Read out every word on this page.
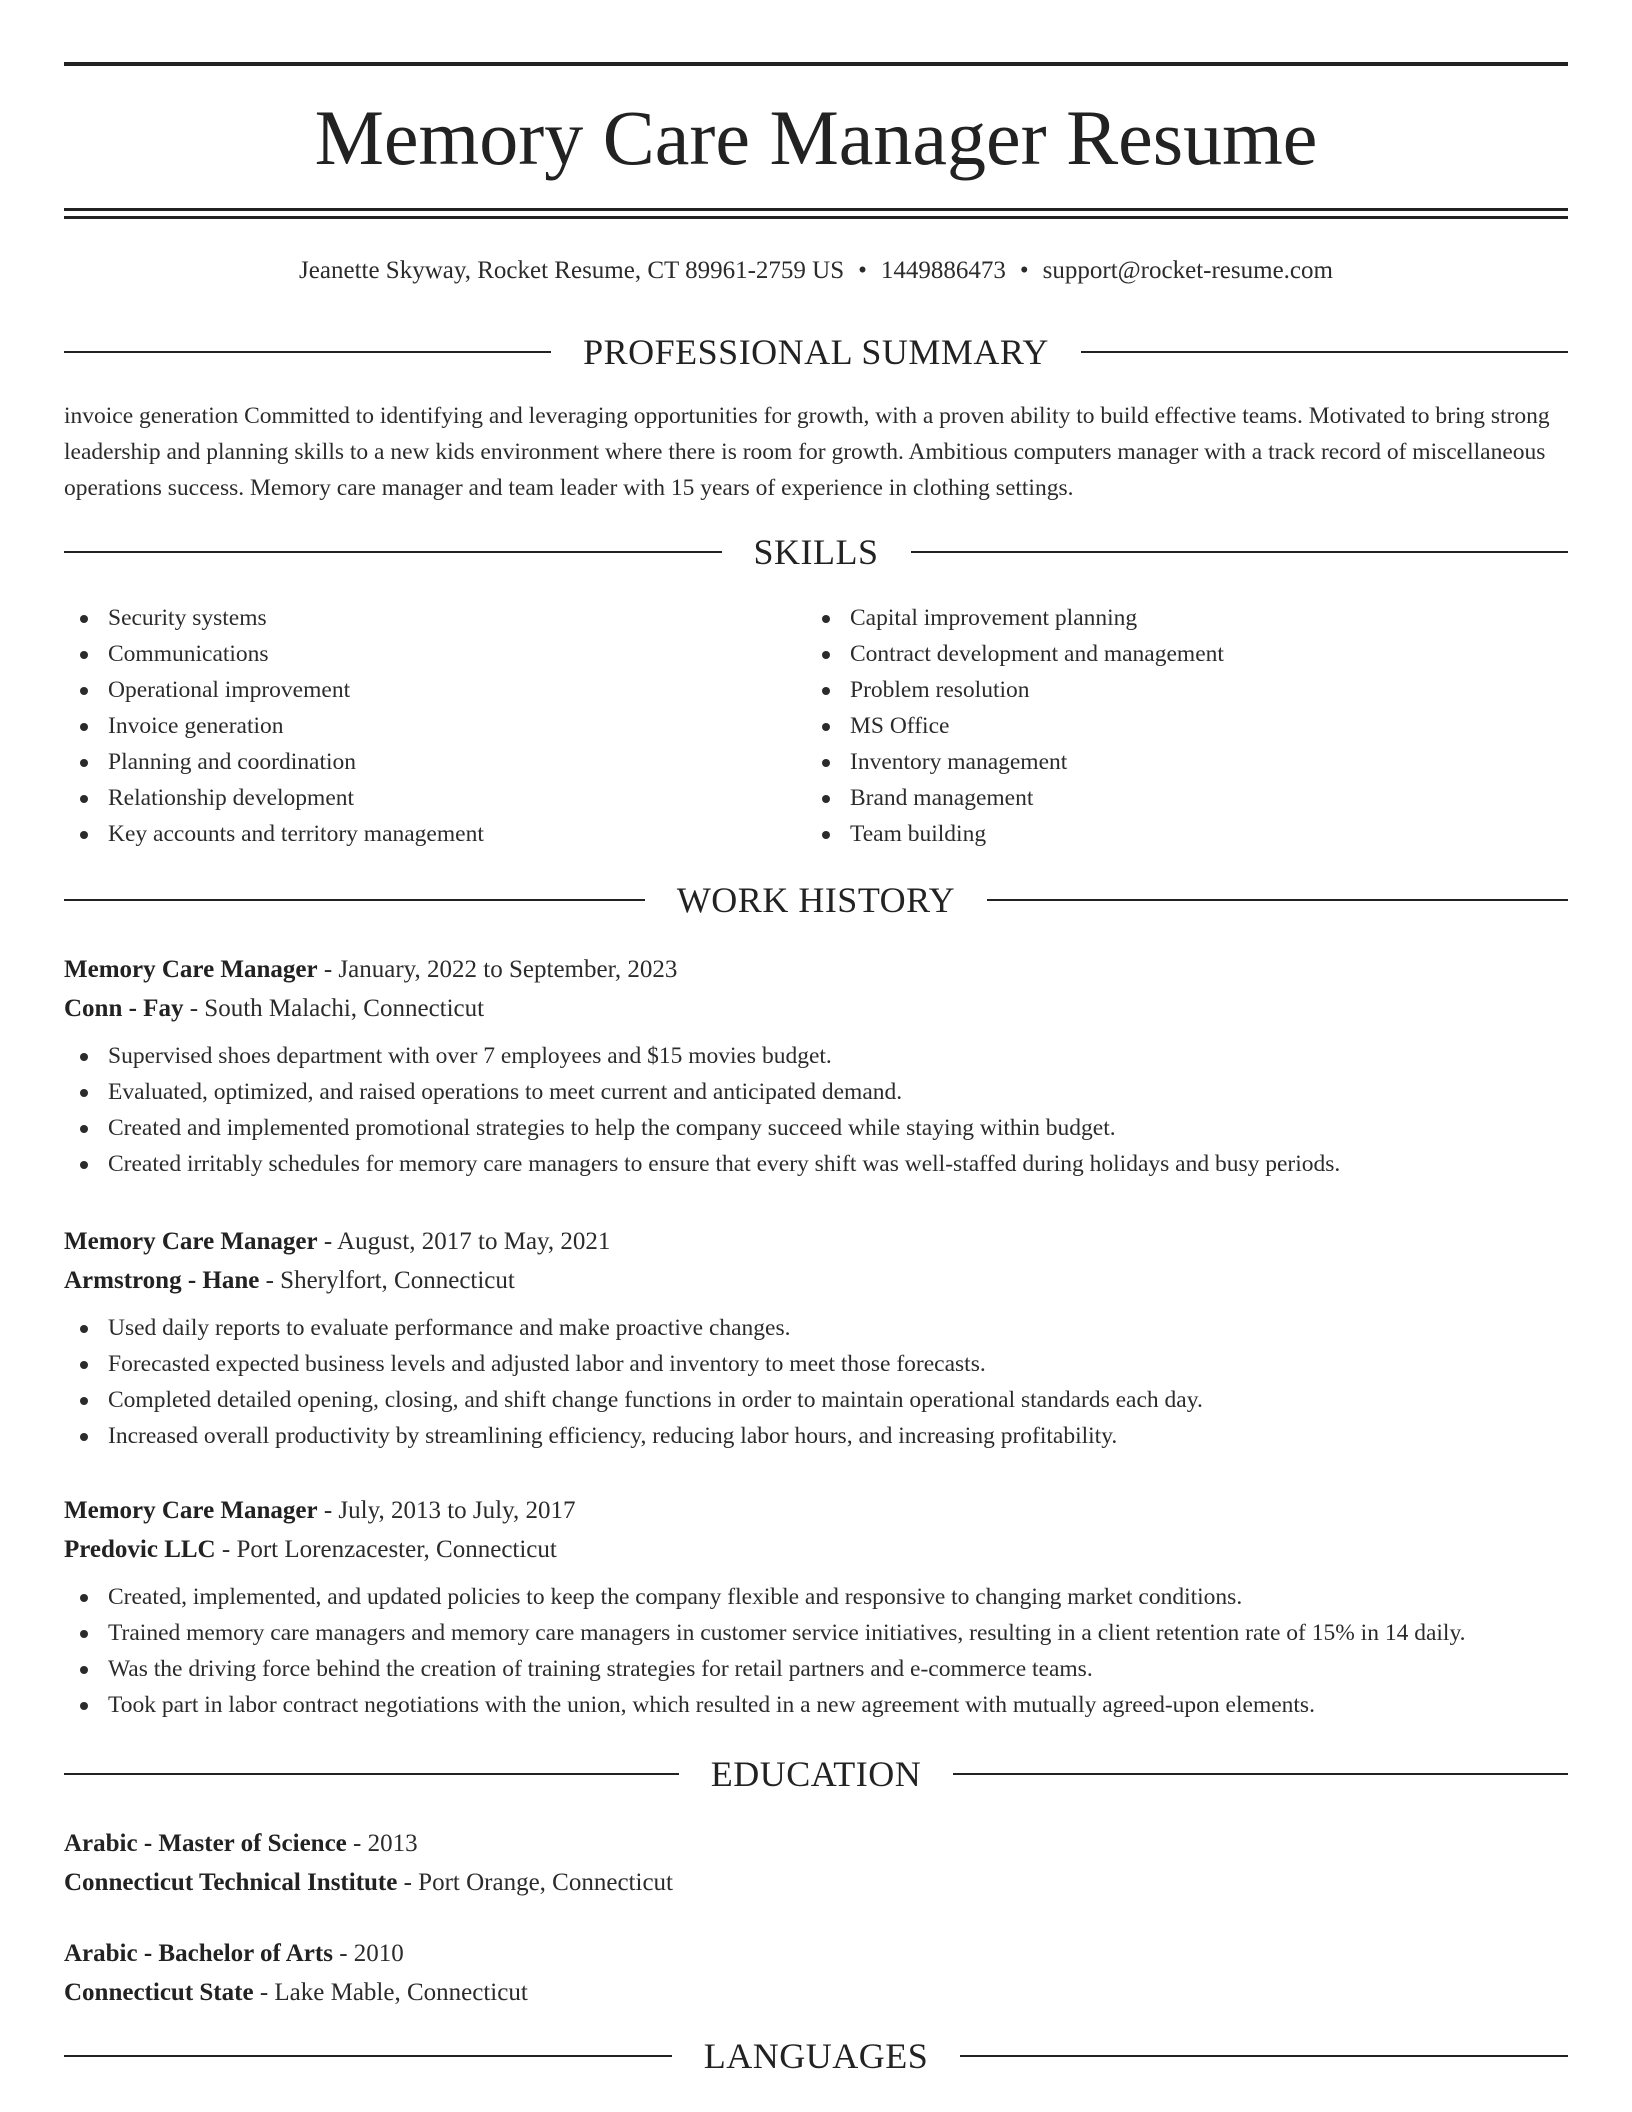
Memory Care Manager Resume
Jeanette Skyway, Rocket Resume, CT 89961-2759 US • 1449886473 • support@rocket-resume.com
PROFESSIONAL SUMMARY

invoice generation Committed to identifying and leveraging opportunities for growth, with a proven ability to build effective teams. Motivated to bring strong leadership and planning skills to a new kids environment where there is room for growth. Ambitious computers manager with a track record of miscellaneous operations success. Memory care manager and team leader with 15 years of experience in clothing settings.

SKILLS
Security systems
Communications
Operational improvement
Invoice generation
Planning and coordination
Relationship development
Key accounts and territory management
Capital improvement planning
Contract development and management
Problem resolution
MS Office
Inventory management
Brand management
Team building
WORK HISTORY
Memory Care Manager - January, 2022 to September, 2023
Conn - Fay - South Malachi, Connecticut
Supervised shoes department with over 7 employees and $15 movies budget.
Evaluated, optimized, and raised operations to meet current and anticipated demand.
Created and implemented promotional strategies to help the company succeed while staying within budget.
Created irritably schedules for memory care managers to ensure that every shift was well-staffed during holidays and busy periods.
Memory Care Manager - August, 2017 to May, 2021
Armstrong - Hane - Sherylfort, Connecticut
Used daily reports to evaluate performance and make proactive changes.
Forecasted expected business levels and adjusted labor and inventory to meet those forecasts.
Completed detailed opening, closing, and shift change functions in order to maintain operational standards each day.
Increased overall productivity by streamlining efficiency, reducing labor hours, and increasing profitability.
Memory Care Manager - July, 2013 to July, 2017
Predovic LLC - Port Lorenzacester, Connecticut
Created, implemented, and updated policies to keep the company flexible and responsive to changing market conditions.
Trained memory care managers and memory care managers in customer service initiatives, resulting in a client retention rate of 15% in 14 daily.
Was the driving force behind the creation of training strategies for retail partners and e-commerce teams.
Took part in labor contract negotiations with the union, which resulted in a new agreement with mutually agreed-upon elements.
EDUCATION
Arabic - Master of Science - 2013
Connecticut Technical Institute - Port Orange, Connecticut
Arabic - Bachelor of Arts - 2010
Connecticut State - Lake Mable, Connecticut
LANGUAGES
